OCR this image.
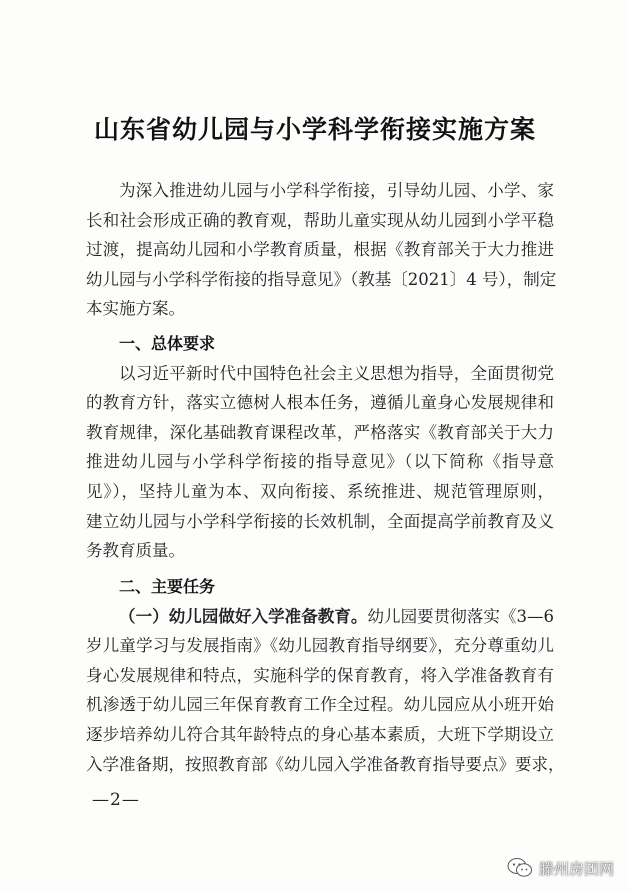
山东省幼儿园与小学科学衔接实施方案
为深入推进幼儿园与小学科学衔接，引导幼儿园、小学、家
长和社会形成正确的教育观，帮助儿童实现从幼儿园到小学平稳
过渡，提高幼儿园和小学教育质量，根据《教育部关于大力推进
幼儿园与小学科学衔接的指导意见》（教基〔2021〕4 号），制定
本实施方案。
一、总体要求
以习近平新时代中国特色社会主义思想为指导，全面贯彻党
的教育方针，落实立德树人根本任务，遵循儿童身心发展规律和
教育规律，深化基础教育课程改革，严格落实《教育部关于大力
推进幼儿园与小学科学衔接的指导意见》（以下简称《指导意
见》），坚持儿童为本、双向衔接、系统推进、规范管理原则，
建立幼儿园与小学科学衔接的长效机制，全面提高学前教育及义
务教育质量。
二、主要任务
（一）幼儿园做好入学准备教育。幼儿园要贯彻落实《3—6
岁儿童学习与发展指南》《幼儿园教育指导纲要》，充分尊重幼儿
身心发展规律和特点，实施科学的保育教育，将入学准备教育有
机渗透于幼儿园三年保育教育工作全过程。幼儿园应从小班开始
逐步培养幼儿符合其年龄特点的身心基本素质，大班下学期设立
入学准备期，按照教育部《幼儿园入学准备教育指导要点》要求，
—2—
滕州房团网
